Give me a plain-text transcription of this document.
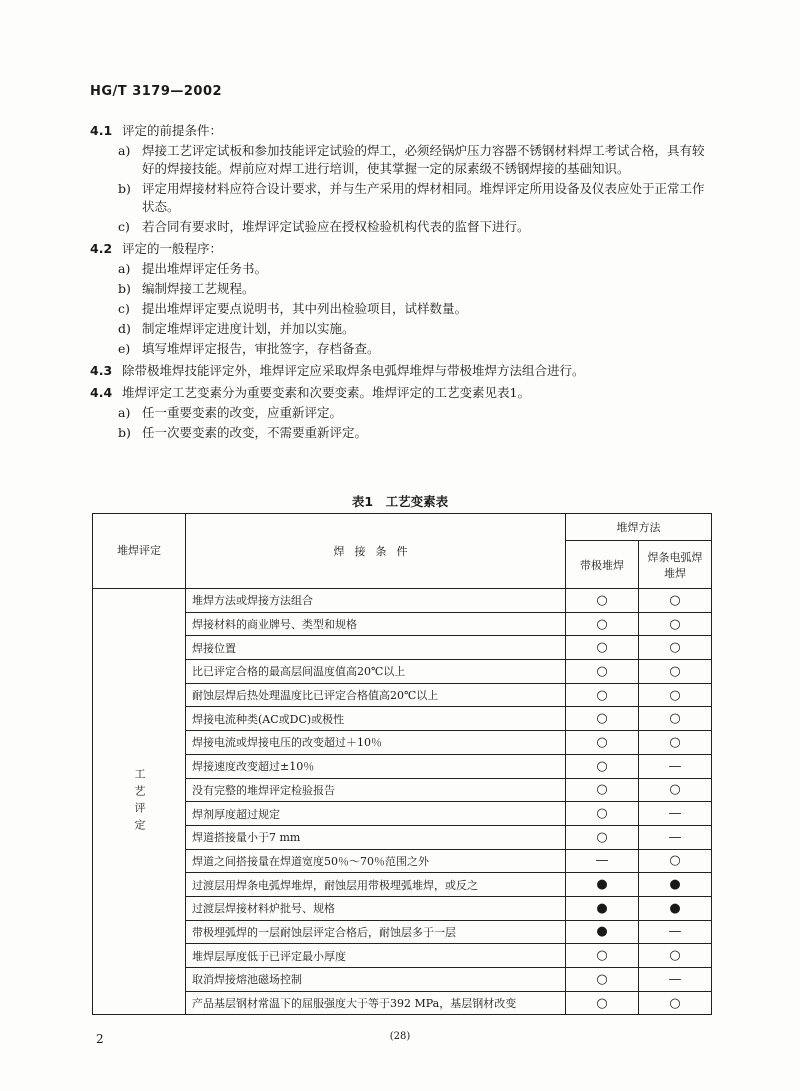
HG/T 3179—2002
4.1 评定的前提条件：
a) 焊接工艺评定试板和参加技能评定试验的焊工，必须经锅炉压力容器不锈钢材料焊工考试合格，具有较好的焊接技能。焊前应对焊工进行培训，使其掌握一定的尿素级不锈钢焊接的基础知识。
b) 评定用焊接材料应符合设计要求，并与生产采用的焊材相同。堆焊评定所用设备及仪表应处于正常工作状态。
c) 若合同有要求时，堆焊评定试验应在授权检验机构代表的监督下进行。
4.2 评定的一般程序：
a) 提出堆焊评定任务书。
b) 编制焊接工艺规程。
c) 提出堆焊评定要点说明书，其中列出检验项目，试样数量。
d) 制定堆焊评定进度计划，并加以实施。
e) 填写堆焊评定报告，审批签字，存档备查。
4.3 除带极堆焊技能评定外，堆焊评定应采取焊条电弧焊堆焊与带极堆焊方法组合进行。
4.4 堆焊评定工艺变素分为重要变素和次要变素。堆焊评定的工艺变素见表1。
a) 任一重要变素的改变，应重新评定。
b) 任一次要变素的改变，不需要重新评定。
表1　工艺变素表
堆焊评定	焊接条件	堆焊方法	
		带极堆焊	焊条电弧焊堆焊
工艺评定	堆焊方法或焊接方法组合	○	○
	焊接材料的商业牌号、类型和规格	○	○
	焊接位置	○	○
	比已评定合格的最高层间温度值高20℃以上	○	○
	耐蚀层焊后热处理温度比已评定合格值高20℃以上	○	○
	焊接电流种类(AC或DC)或极性	○	○
	焊接电流或焊接电压的改变超过＋10％	○	○
	焊接速度改变超过±10％	○	—
	没有完整的堆焊评定检验报告	○	○
	焊剂厚度超过规定	○	—
	焊道搭接量小于7 mm	○	—
	焊道之间搭接量在焊道宽度50％～70％范围之外	—	○
	过渡层用焊条电弧焊堆焊，耐蚀层用带极埋弧堆焊，或反之	●	●
	过渡层焊接材料炉批号、规格	●	●
	带极埋弧焊的一层耐蚀层评定合格后，耐蚀层多于一层	●	—
	堆焊层厚度低于已评定最小厚度	○	○
	取消焊接熔池磁场控制	○	—
	产品基层钢材常温下的屈服强度大于等于392 MPa，基层钢材改变	○	○
2	(28)
